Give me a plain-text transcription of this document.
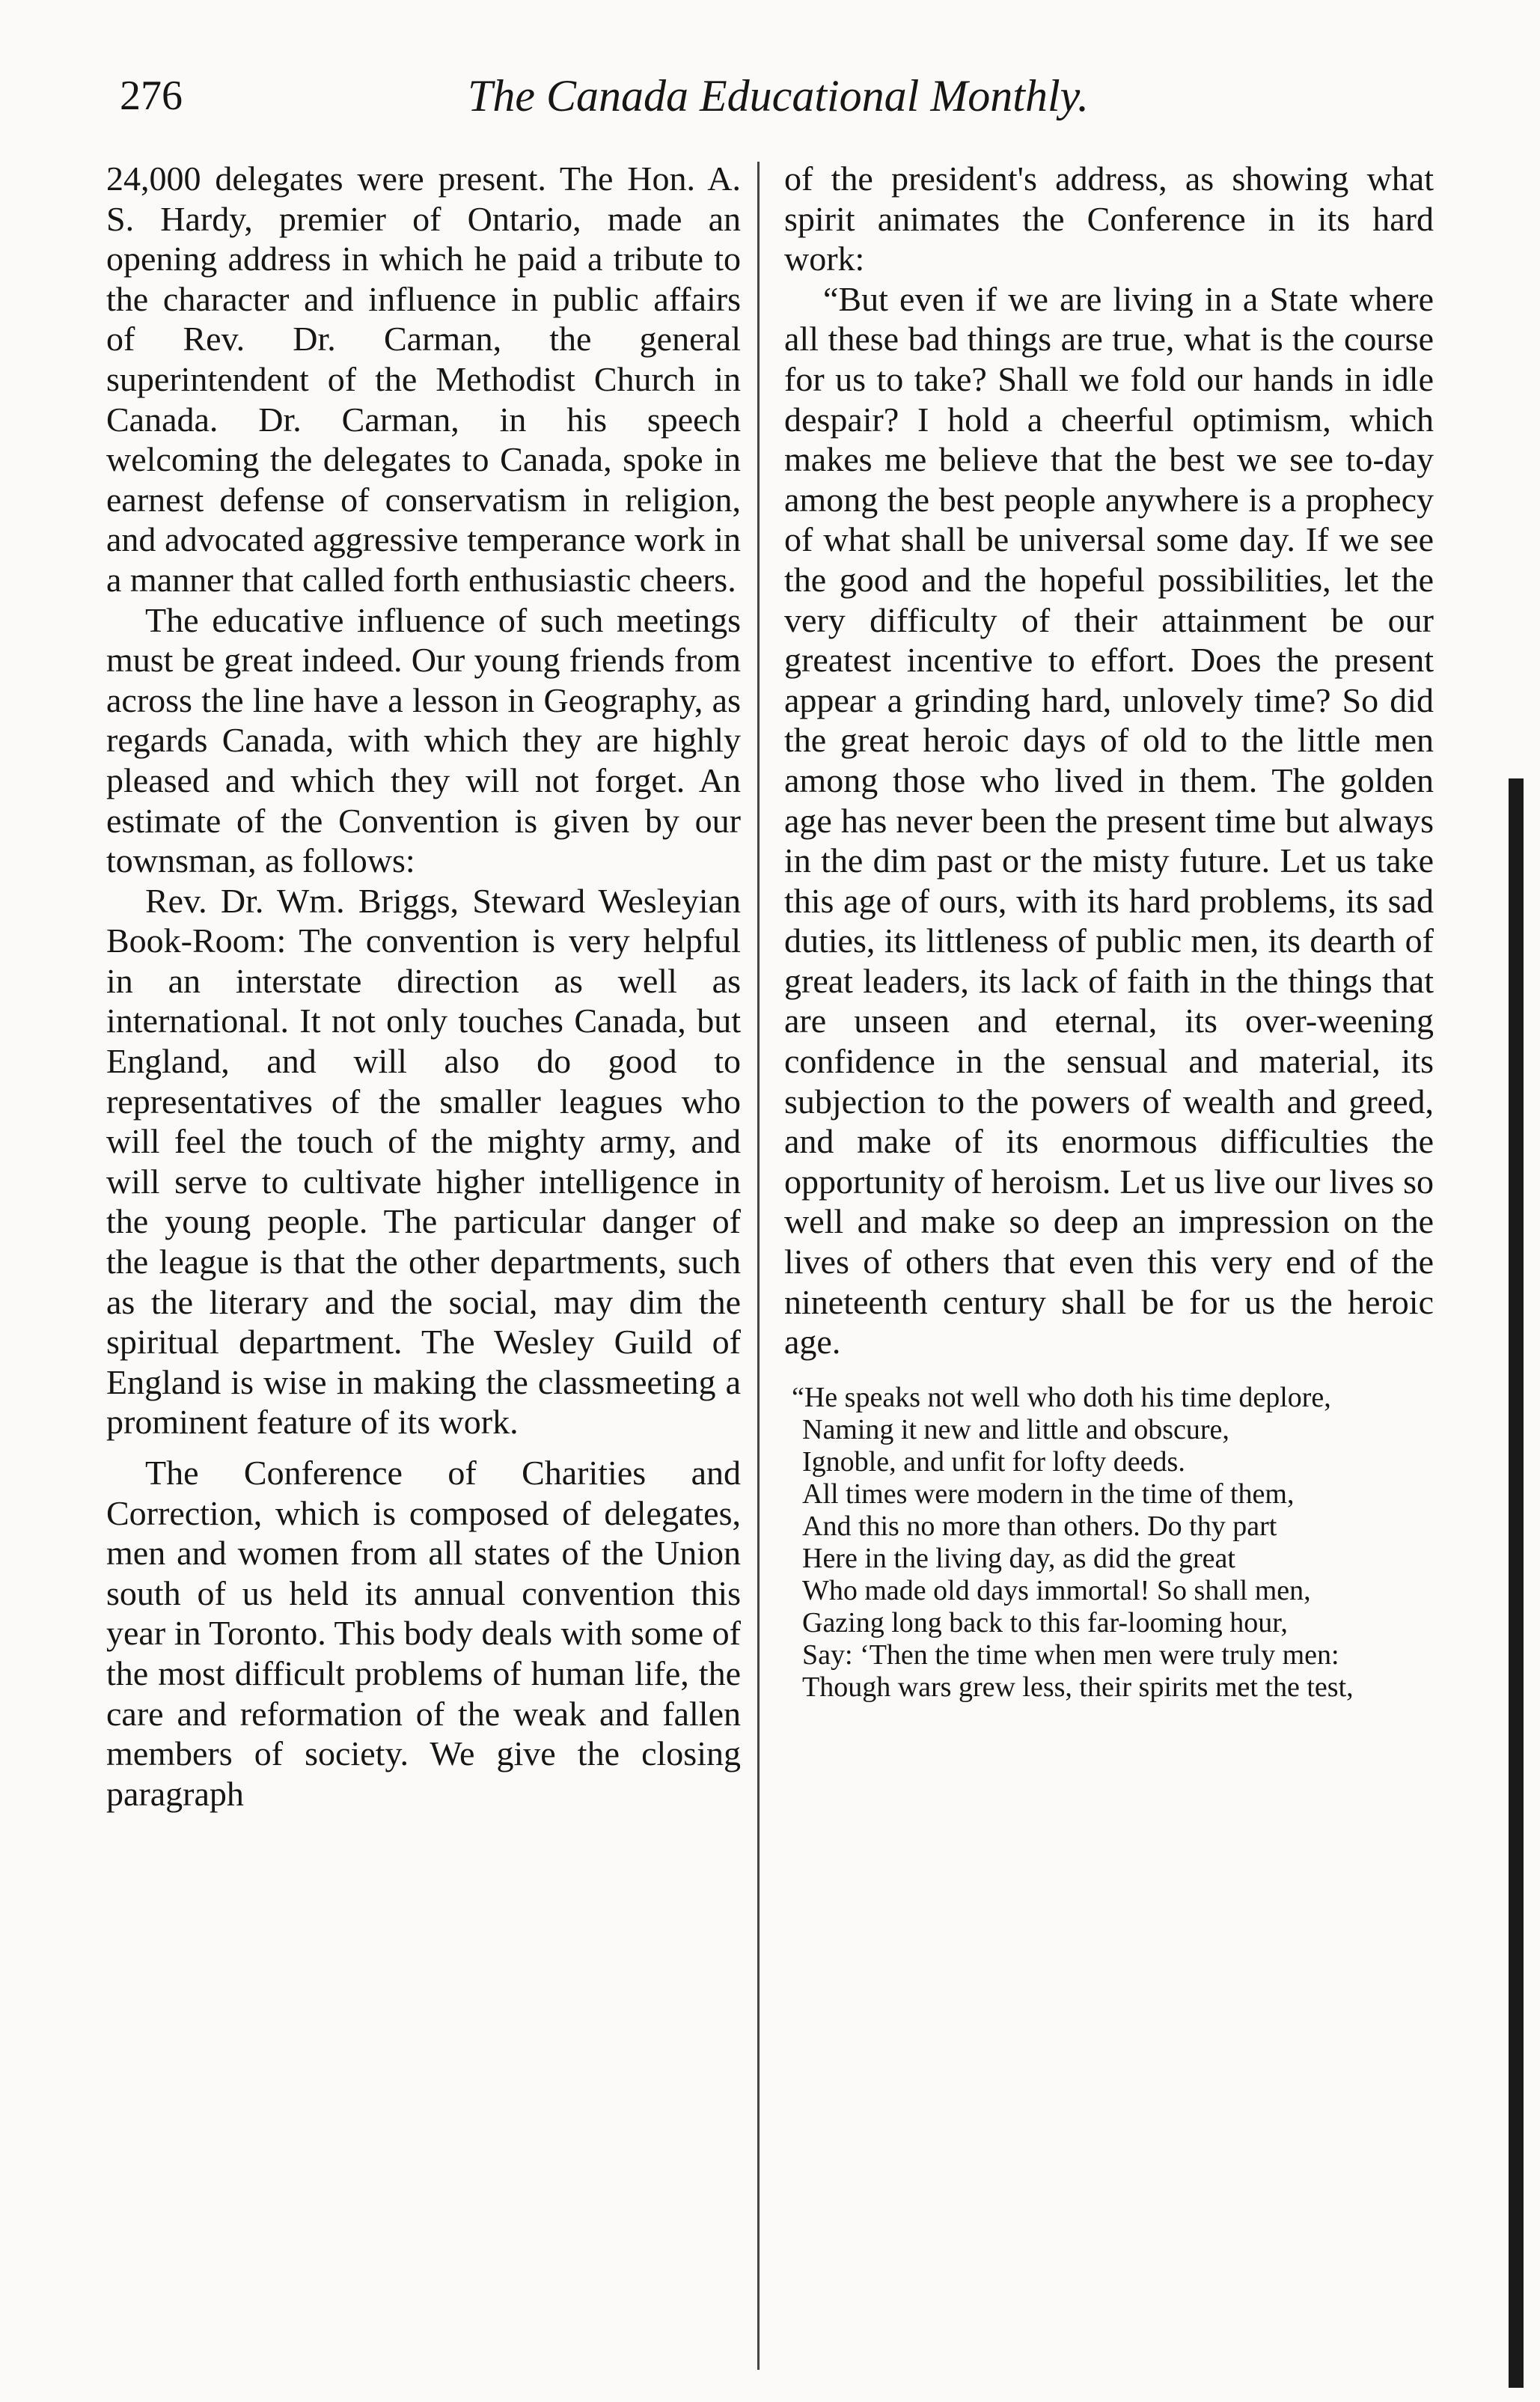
276	The Canada Educational Monthly.

24,000 delegates were present. The Hon. A. S. Hardy, premier of Ontario, made an opening address in which he paid a tribute to the character and influence in public affairs of Rev. Dr. Carman, the general superintendent of the Methodist Church in Canada. Dr. Carman, in his speech welcoming the delegates to Canada, spoke in earnest defense of conservatism in religion, and advocated aggressive temperance work in a manner that called forth enthusiastic cheers.

The educative influence of such meetings must be great indeed. Our young friends from across the line have a lesson in Geography, as regards Canada, with which they are highly pleased and which they will not forget. An estimate of the Convention is given by our townsman, as follows:

Rev. Dr. Wm. Briggs, Steward Wesleyian Book-Room: The convention is very helpful in an interstate direction as well as international. It not only touches Canada, but England, and will also do good to representatives of the smaller leagues who will feel the touch of the mighty army, and will serve to cultivate higher intelligence in the young people. The particular danger of the league is that the other departments, such as the literary and the social, may dim the spiritual department. The Wesley Guild of England is wise in making the classmeeting a prominent feature of its work.

The Conference of Charities and Correction, which is composed of delegates, men and women from all states of the Union south of us held its annual convention this year in Toronto. This body deals with some of the most difficult problems of human life, the care and reformation of the weak and fallen members of society. We give the closing paragraph

of the president's address, as showing what spirit animates the Conference in its hard work:

“But even if we are living in a State where all these bad things are true, what is the course for us to take? Shall we fold our hands in idle despair? I hold a cheerful optimism, which makes me believe that the best we see to-day among the best people anywhere is a prophecy of what shall be universal some day. If we see the good and the hopeful possibilities, let the very difficulty of their attainment be our greatest incentive to effort. Does the present appear a grinding hard, unlovely time? So did the great heroic days of old to the little men among those who lived in them. The golden age has never been the present time but always in the dim past or the misty future. Let us take this age of ours, with its hard problems, its sad duties, its littleness of public men, its dearth of great leaders, its lack of faith in the things that are unseen and eternal, its over-weening confidence in the sensual and material, its subjection to the powers of wealth and greed, and make of its enormous difficulties the opportunity of heroism. Let us live our lives so well and make so deep an impression on the lives of others that even this very end of the nineteenth century shall be for us the heroic age.

“He speaks not well who doth his time deplore,

Naming it new and little and obscure,

Ignoble, and unfit for lofty deeds.

All times were modern in the time of them,

And this no more than others. Do thy part

Here in the living day, as did the great

Who made old days immortal! So shall men,

Gazing long back to this far-looming hour,

Say: ‘Then the time when men were truly men:

Though wars grew less, their spirits met the test,
